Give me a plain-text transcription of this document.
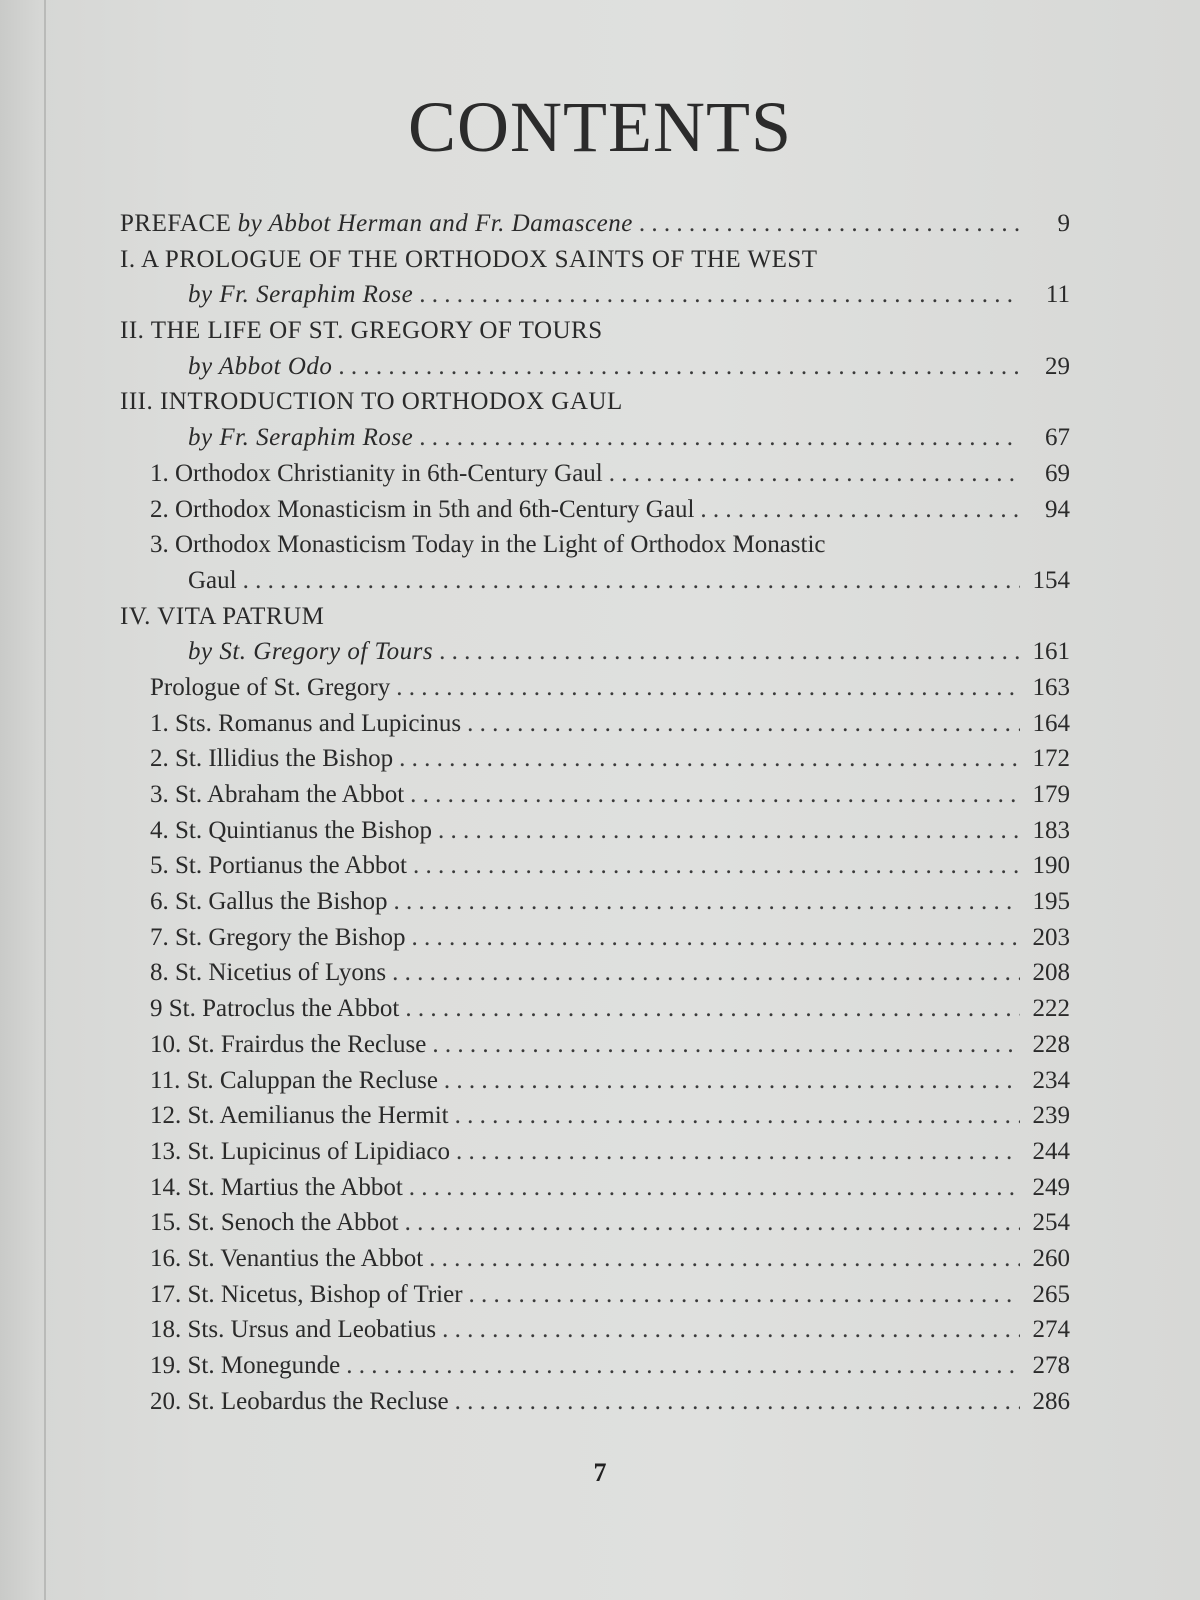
CONTENTS
PREFACE by Abbot Herman and Fr. Damascene . . .	9
I. A PROLOGUE OF THE ORTHODOX SAINTS OF THE WEST
by Fr. Seraphim Rose . . .	11
II. THE LIFE OF ST. GREGORY OF TOURS
by Abbot Odo . . .	29
III. INTRODUCTION TO ORTHODOX GAUL
by Fr. Seraphim Rose . . .	67
1. Orthodox Christianity in 6th-Century Gaul . . .	69
2. Orthodox Monasticism in 5th and 6th-Century Gaul . . .	94
3. Orthodox Monasticism Today in the Light of Orthodox Monastic
Gaul . . .	154
IV. VITA PATRUM
by St. Gregory of Tours . . .	161
Prologue of St. Gregory . . .	163
1. Sts. Romanus and Lupicinus . . .	164
2. St. Illidius the Bishop . . .	172
3. St. Abraham the Abbot . . .	179
4. St. Quintianus the Bishop . . .	183
5. St. Portianus the Abbot . . .	190
6. St. Gallus the Bishop . . .	195
7. St. Gregory the Bishop . . .	203
8. St. Nicetius of Lyons . . .	208
9 St. Patroclus the Abbot . . .	222
10. St. Frairdus the Recluse . . .	228
11. St. Caluppan the Recluse . . .	234
12. St. Aemilianus the Hermit . . .	239
13. St. Lupicinus of Lipidiaco . . .	244
14. St. Martius the Abbot . . .	249
15. St. Senoch the Abbot . . .	254
16. St. Venantius the Abbot . . .	260
17. St. Nicetus, Bishop of Trier . . .	265
18. Sts. Ursus and Leobatius . . .	274
19. St. Monegunde . . .	278
20. St. Leobardus the Recluse . . .	286
7
